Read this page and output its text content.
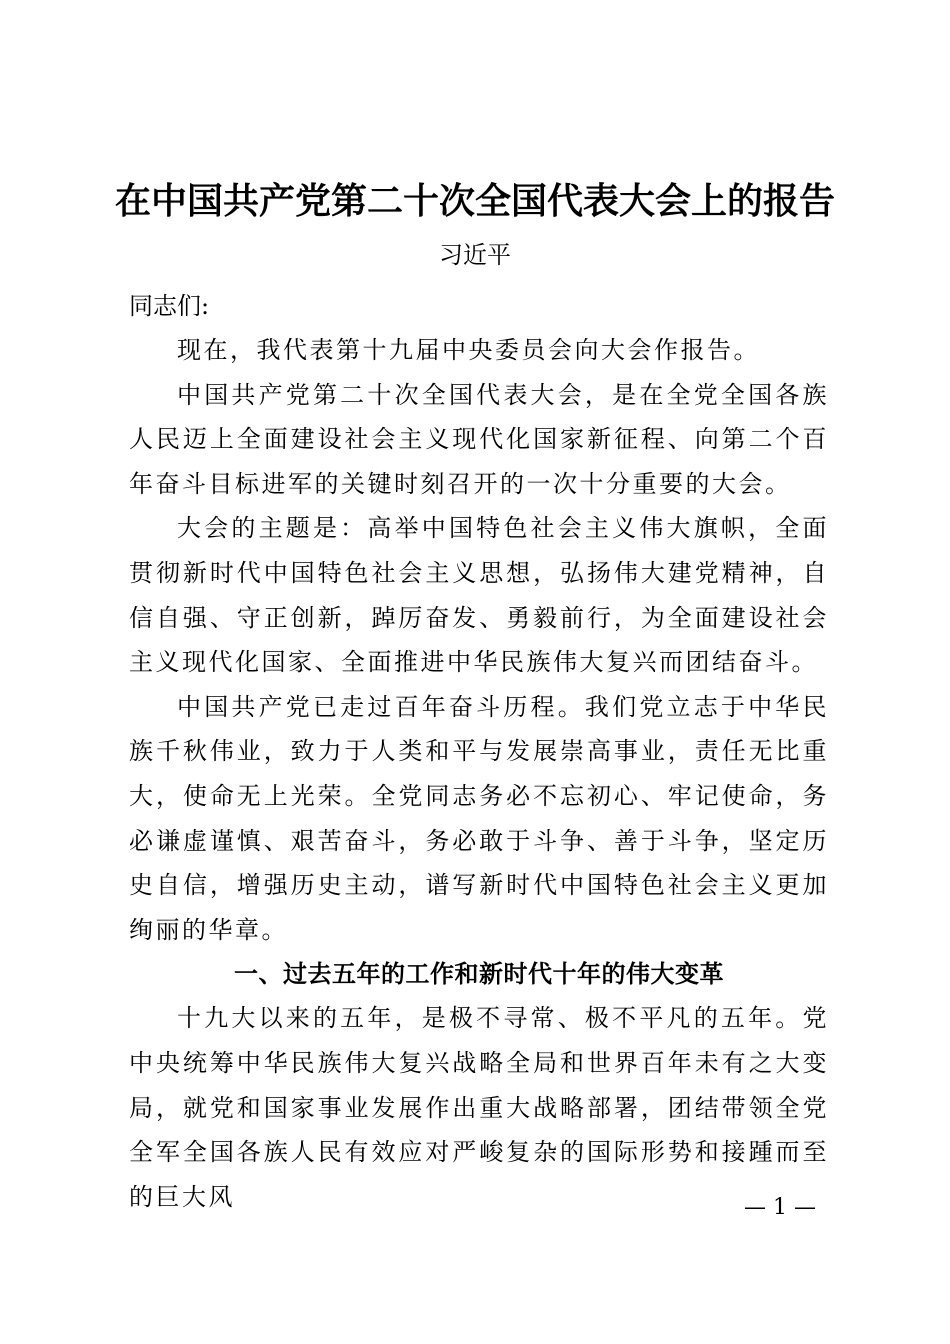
在中国共产党第二十次全国代表大会上的报告
习近平

同志们:

现在，我代表第十九届中央委员会向大会作报告。

中国共产党第二十次全国代表大会，是在全党全国各族人民迈上全面建设社会主义现代化国家新征程、向第二个百年奋斗目标进军的关键时刻召开的一次十分重要的大会。

大会的主题是：高举中国特色社会主义伟大旗帜，全面贯彻新时代中国特色社会主义思想，弘扬伟大建党精神，自信自强、守正创新，踔厉奋发、勇毅前行，为全面建设社会主义现代化国家、全面推进中华民族伟大复兴而团结奋斗。

中国共产党已走过百年奋斗历程。我们党立志于中华民族千秋伟业，致力于人类和平与发展崇高事业，责任无比重大，使命无上光荣。全党同志务必不忘初心、牢记使命，务必谦虚谨慎、艰苦奋斗，务必敢于斗争、善于斗争，坚定历史自信，增强历史主动，谱写新时代中国特色社会主义更加绚丽的华章。

一、过去五年的工作和新时代十年的伟大变革

十九大以来的五年，是极不寻常、极不平凡的五年。党中央统筹中华民族伟大复兴战略全局和世界百年未有之大变局，就党和国家事业发展作出重大战略部署，团结带领全党全军全国各族人民有效应对严峻复杂的国际形势和接踵而至的巨大风	— 1 —
